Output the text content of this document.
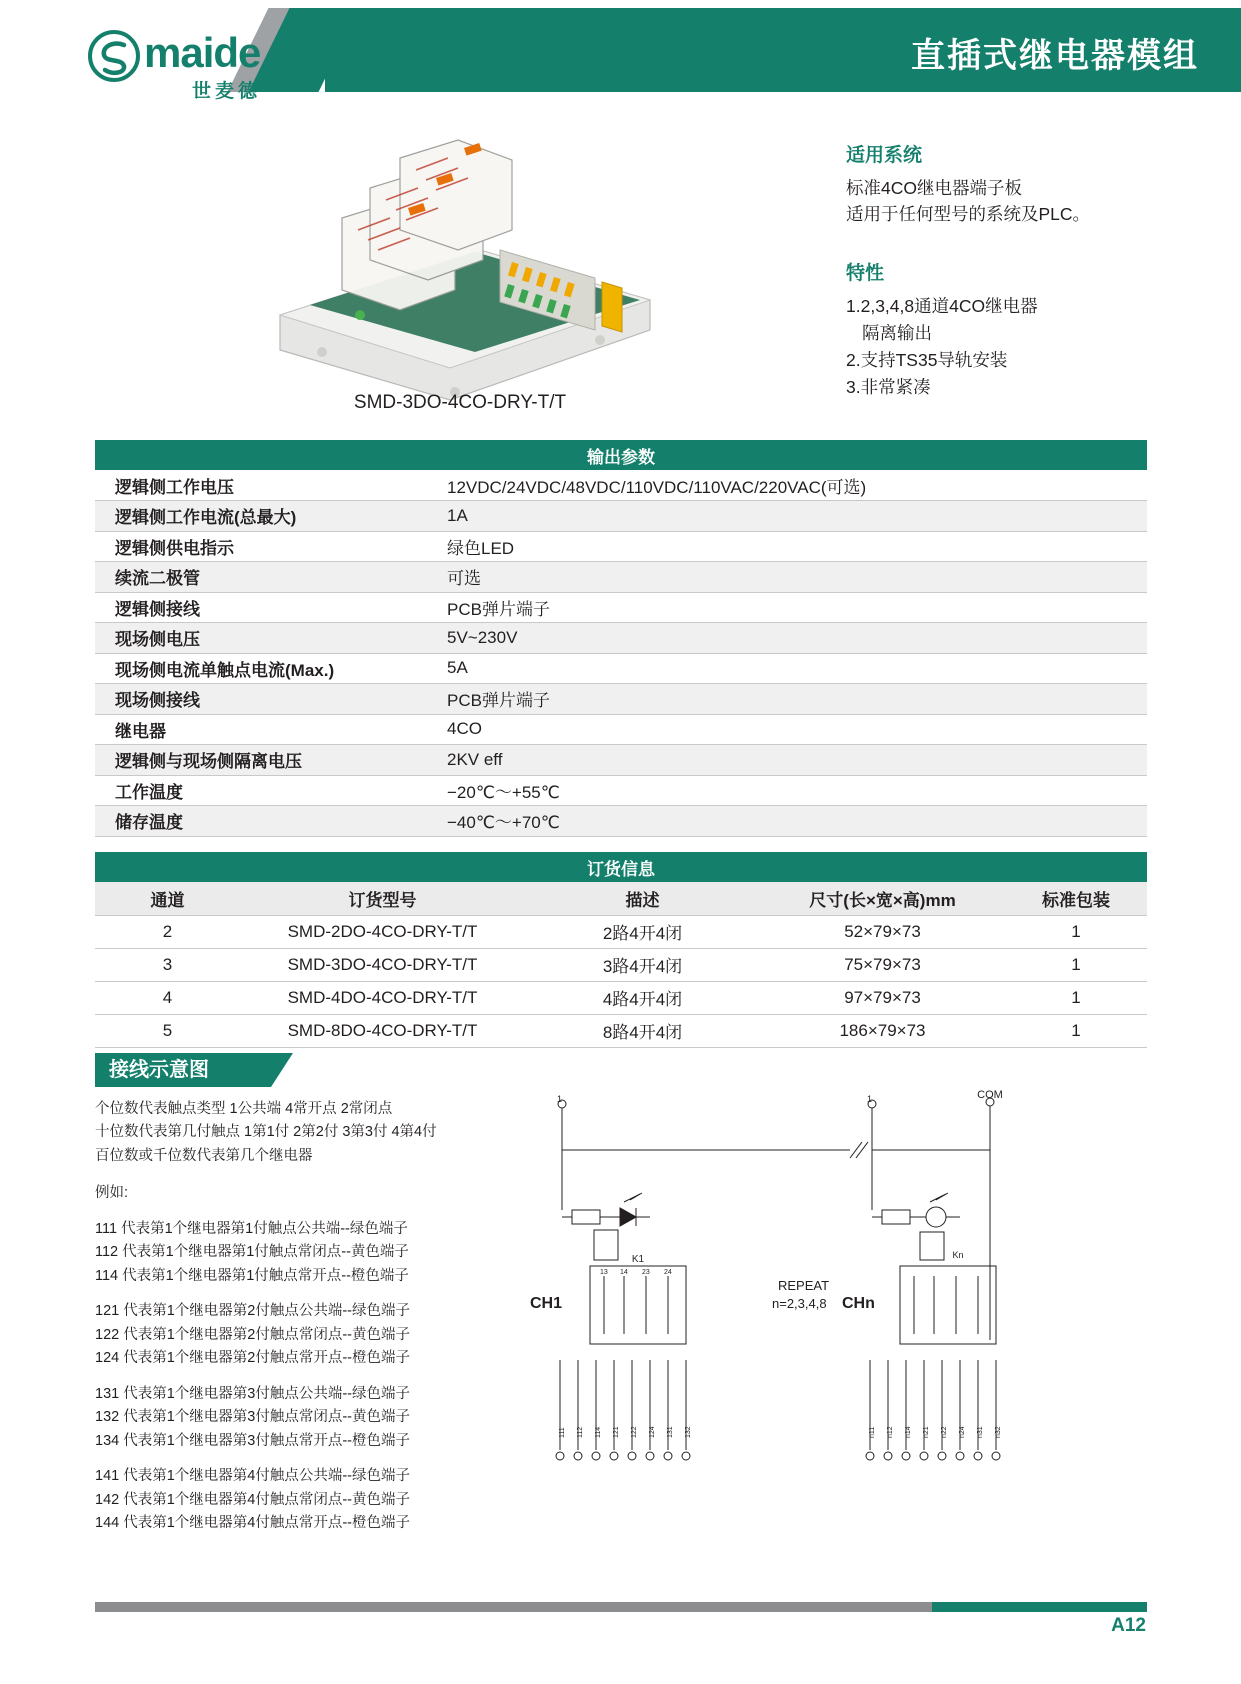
直插式继电器模组
maide
世麦德
SMD-3DO-4CO-DRY-T/T
适用系统

标准4CO继电器端子板

适用于任何型号的系统及PLC。

特性
1.2,3,4,8通道4CO继电器
隔离输出
2.支持TS35导轨安装
3.非常紧凑
输出参数	
逻辑侧工作电压	12VDC/24VDC/48VDC/110VDC/110VAC/220VAC(可选)
逻辑侧工作电流(总最大)	1A
逻辑侧供电指示	绿色LED
续流二极管	可选
逻辑侧接线	PCB弹片端子
现场侧电压	5V~230V
现场侧电流单触点电流(Max.)	5A
现场侧接线	PCB弹片端子
继电器	4CO
逻辑侧与现场侧隔离电压	2KV eff
工作温度	−20℃～+55℃
储存温度	−40℃～+70℃
订货信息				
通道	订货型号	描述	尺寸(长×宽×高)mm	标准包装
2	SMD-2DO-4CO-DRY-T/T	2路4开4闭	52×79×73	1
3	SMD-3DO-4CO-DRY-T/T	3路4开4闭	75×79×73	1
4	SMD-4DO-4CO-DRY-T/T	4路4开4闭	97×79×73	1
5	SMD-8DO-4CO-DRY-T/T	8路4开4闭	186×79×73	1
接线示意图
个位数代表触点类型 1公共端 4常开点 2常闭点
十位数代表第几付触点 1第1付 2第2付 3第3付 4第4付
百位数或千位数代表第几个继电器
例如:
111 代表第1个继电器第1付触点公共端--绿色端子
112 代表第1个继电器第1付触点常闭点--黄色端子
114 代表第1个继电器第1付触点常开点--橙色端子
121 代表第1个继电器第2付触点公共端--绿色端子
122 代表第1个继电器第2付触点常闭点--黄色端子
124 代表第1个继电器第2付触点常开点--橙色端子
131 代表第1个继电器第3付触点公共端--绿色端子
132 代表第1个继电器第3付触点常闭点--黄色端子
134 代表第1个继电器第3付触点常开点--橙色端子
141 代表第1个继电器第4付触点公共端--绿色端子
142 代表第1个继电器第4付触点常闭点--黄色端子
144 代表第1个继电器第4付触点常开点--橙色端子
K1	Kn
CH1	CHn
COM
1	1
REPEAT
n=2,3,4,8
13 14 23 24
111 112 114 121 122 124 131 132	n11 n12 n14 n21 n22 n24 n31 n32
A12
